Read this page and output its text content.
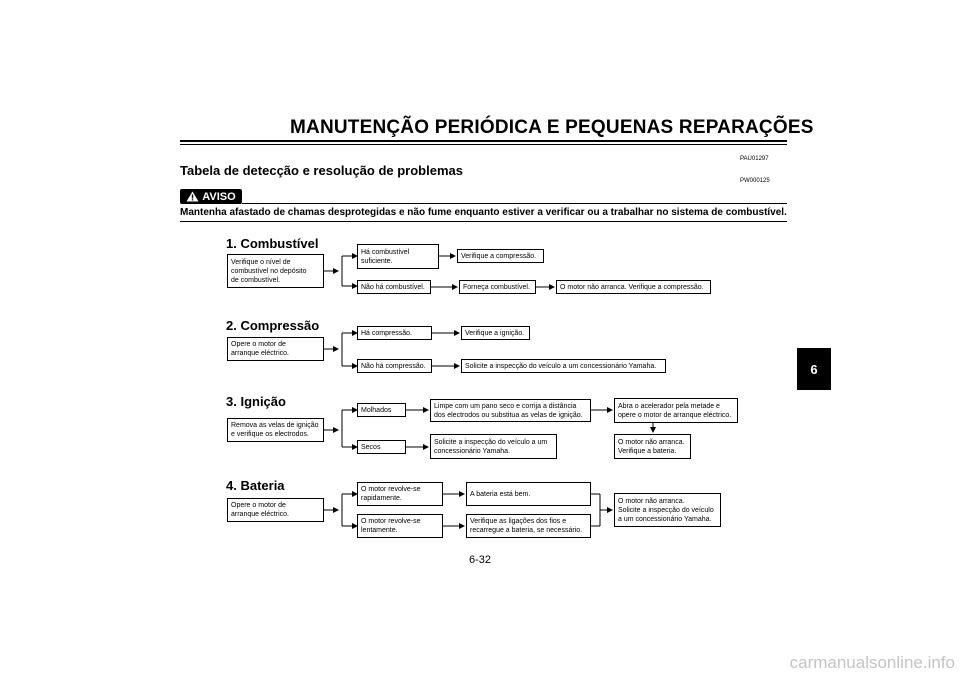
MANUTENÇÃO PERIÓDICA E PEQUENAS REPARAÇÕES
PAU01297
Tabela de detecção e resolução de problemas
PW000125
AVISO
Mantenha afastado de chamas desprotegidas e não fume enquanto estiver a verificar ou a trabalhar no sistema de combustível.
6
1. Combustível
Verifique o nível de
combustível no depósito
de combustível.
Há combustível
suficiente.
Verifique a compressão.
Não há combustível.	Forneça combustível.	O motor não arranca. Verifique a compressão.
2. Compressão
Opere o motor de
arranque eléctrico.
Há compressão.	Verifique a ignição.
Não há compressão.	Solicite a inspecção do veículo a um concessionário Yamaha.
3. Ignição
Remova as velas de ignição
e verifique os electrodos.
Molhados
Limpe com um pano seco e corrija a distância
dos electrodos ou substitua as velas de ignição.
Abra o acelerador pela metade e
opere o motor de arranque eléctrico.
O motor não arranca.
Verifique a bateria.
Secos
Solicite a inspecção do veículo a um
concessionário Yamaha.
4. Bateria
Opere o motor de
arranque eléctrico.
O motor revolve-se
rapidamente.
A bateria está bem.
O motor revolve-se
lentamente.
Verifique as ligações dos fios e
recarregue a bateria, se necessário.
O motor não arranca.
Solicite a inspecção do veículo
a um concessionário Yamaha.
6-32
carmanualsonline.info
